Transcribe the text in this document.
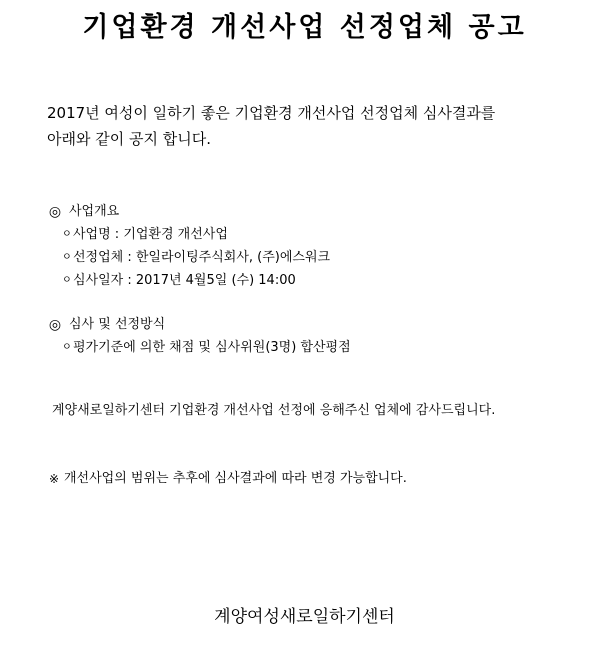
기업환경 개선사업 선정업체 공고

2017년 여성이 일하기 좋은 기업환경 개선사업 선정업체 심사결과를

아래와 같이 공지 합니다.

◎ 사업개요
ㅇ 사업명 : 기업환경 개선사업
ㅇ 선정업체 : 한일라이팅주식회사, (주)에스워크
ㅇ 심사일자 : 2017년 4월5일 (수) 14:00
◎ 심사 및 선정방식
ㅇ 평가기준에 의한 채점 및 심사위원(3명) 합산평점
계양새로일하기센터 기업환경 개선사업 선정에 응해주신 업체에 감사드립니다.
※ 개선사업의 범위는 추후에 심사결과에 따라 변경 가능합니다.
계양여성새로일하기센터
